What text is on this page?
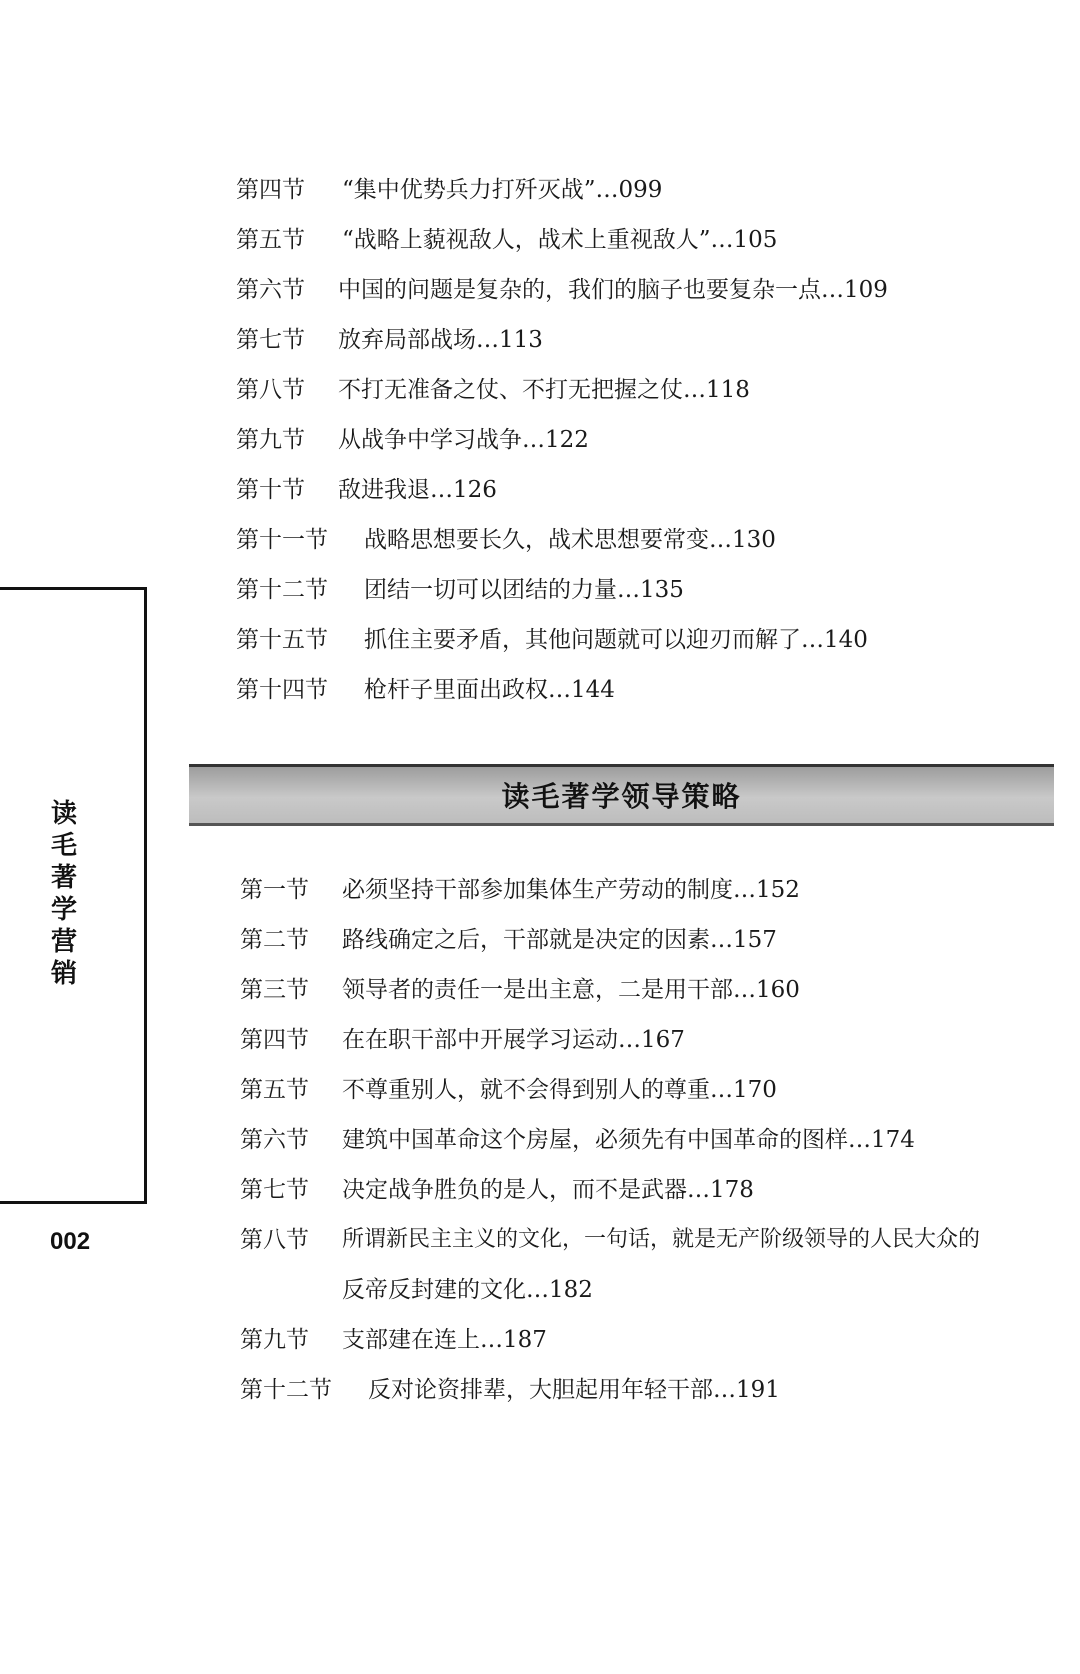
读
毛
著
学
营
销
002
第四节	“集中优势兵力打歼灭战”…099
第五节	“战略上藐视敌人，战术上重视敌人”…105
第六节	中国的问题是复杂的，我们的脑子也要复杂一点…109
第七节	放弃局部战场…113
第八节	不打无准备之仗、不打无把握之仗…118
第九节	从战争中学习战争…122
第十节	敌进我退…126
第十一节	战略思想要长久，战术思想要常变…130
第十二节	团结一切可以团结的力量…135
第十五节	抓住主要矛盾，其他问题就可以迎刃而解了…140
第十四节	枪杆子里面出政权…144
读毛著学领导策略
第一节	必须坚持干部参加集体生产劳动的制度…152
第二节	路线确定之后，干部就是决定的因素…157
第三节	领导者的责任一是出主意，二是用干部…160
第四节	在在职干部中开展学习运动…167
第五节	不尊重别人，就不会得到别人的尊重…170
第六节	建筑中国革命这个房屋，必须先有中国革命的图样…174
第七节	决定战争胜负的是人，而不是武器…178
第八节	所谓新民主主义的文化，一句话，就是无产阶级领导的人民大众的
反帝反封建的文化…182
第九节	支部建在连上…187
第十二节	反对论资排辈，大胆起用年轻干部…191
